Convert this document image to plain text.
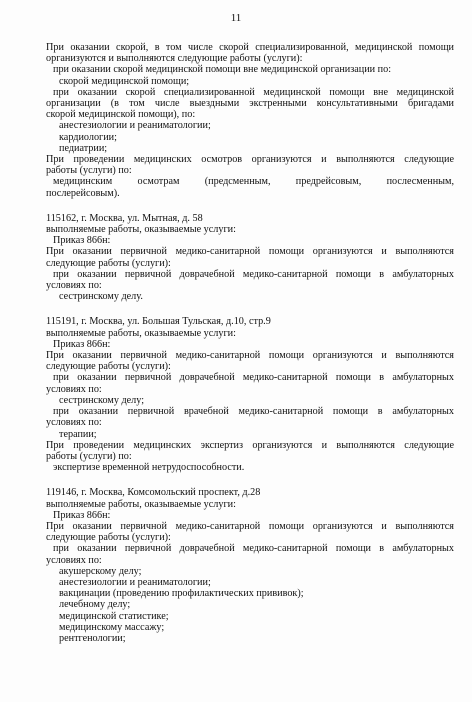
11
При оказании скорой, в том числе скорой специализированной, медицинской помощи
организуются и выполняются следующие работы (услуги):
при оказании скорой медицинской помощи вне медицинской организации по:
скорой медицинской помощи;
при оказании скорой специализированной медицинской помощи вне медицинской
организации (в том числе выездными экстренными консультативными бригадами
скорой медицинской помощи), по:
анестезиологии и реаниматологии;
кардиологии;
педиатрии;
При проведении медицинских осмотров организуются и выполняются следующие
работы (услуги) по:
медицинским осмотрам (предсменным, предрейсовым, послесменным,
послерейсовым).
115162, г. Москва, ул. Мытная, д. 58
выполняемые работы, оказываемые услуги:
Приказ 866н:
При оказании первичной медико-санитарной помощи организуются и выполняются
следующие работы (услуги):
при оказании первичной доврачебной медико-санитарной помощи в амбулаторных
условиях по:
сестринскому делу.
115191, г. Москва, ул. Большая Тульская, д.10, стр.9
выполняемые работы, оказываемые услуги:
Приказ 866н:
При оказании первичной медико-санитарной помощи организуются и выполняются
следующие работы (услуги):
при оказании первичной доврачебной медико-санитарной помощи в амбулаторных
условиях по:
сестринскому делу;
при оказании первичной врачебной медико-санитарной помощи в амбулаторных
условиях по:
терапии;
При проведении медицинских экспертиз организуются и выполняются следующие
работы (услуги) по:
экспертизе временной нетрудоспособности.
119146, г. Москва, Комсомольский проспект, д.28
выполняемые работы, оказываемые услуги:
Приказ 866н:
При оказании первичной медико-санитарной помощи организуются и выполняются
следующие работы (услуги):
при оказании первичной доврачебной медико-санитарной помощи в амбулаторных
условиях по:
акушерскому делу;
анестезиологии и реаниматологии;
вакцинации (проведению профилактических прививок);
лечебному делу;
медицинской статистике;
медицинскому массажу;
рентгенологии;
